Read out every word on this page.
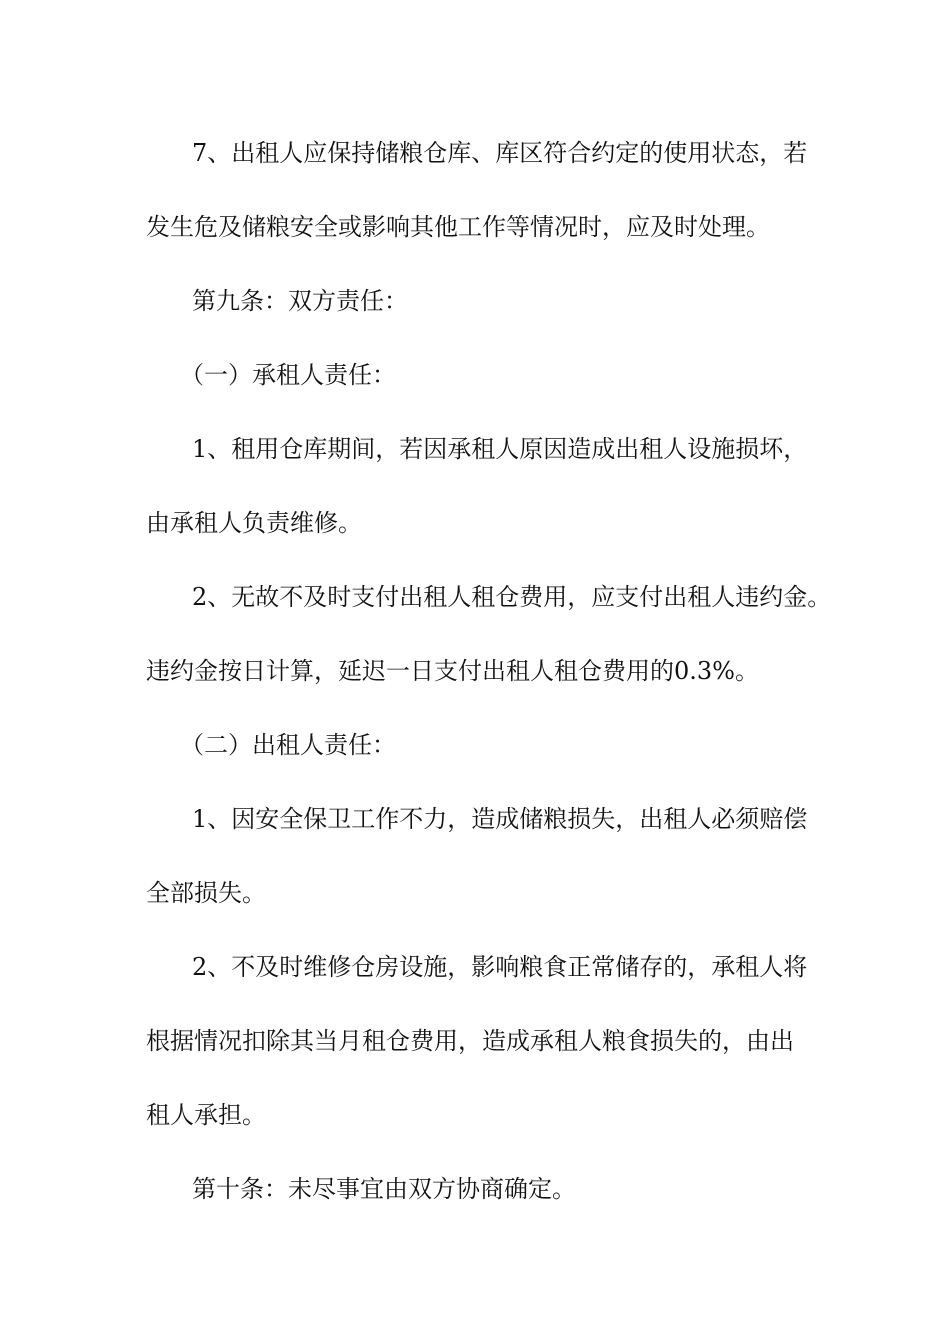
7、出租人应保持储粮仓库、库区符合约定的使用状态，若
发生危及储粮安全或影响其他工作等情况时，应及时处理。
第九条：双方责任：
（一）承租人责任：
1、租用仓库期间，若因承租人原因造成出租人设施损坏，
由承租人负责维修。
2、无故不及时支付出租人租仓费用，应支付出租人违约金。
违约金按日计算，延迟一日支付出租人租仓费用的0.3%。
（二）出租人责任：
1、因安全保卫工作不力，造成储粮损失，出租人必须赔偿
全部损失。
2、不及时维修仓房设施，影响粮食正常储存的，承租人将
根据情况扣除其当月租仓费用，造成承租人粮食损失的，由出
租人承担。
第十条：未尽事宜由双方协商确定。
